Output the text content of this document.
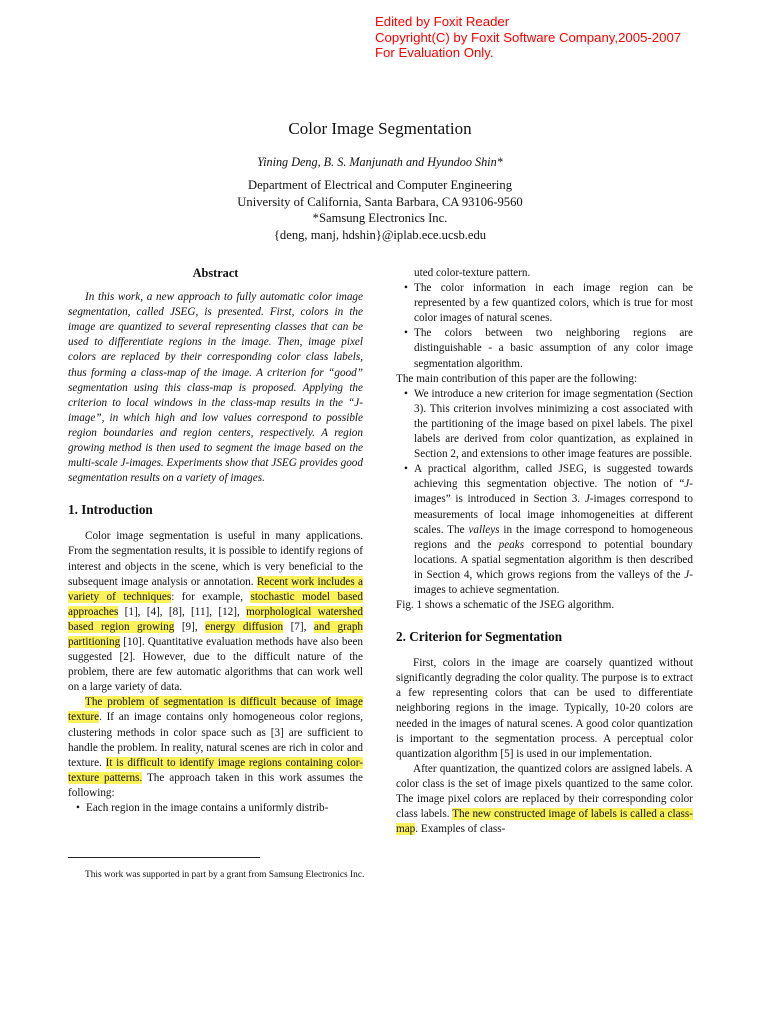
Edited by Foxit Reader
Copyright(C) by Foxit Software Company,2005-2007
For Evaluation Only.
Color Image Segmentation
Yining Deng, B. S. Manjunath and Hyundoo Shin*
Department of Electrical and Computer Engineering
University of California, Santa Barbara, CA 93106-9560
*Samsung Electronics Inc.
{deng, manj, hdshin}@iplab.ece.ucsb.edu

Abstract

In this work, a new approach to fully automatic color image segmentation, called JSEG, is presented. First, colors in the image are quantized to several representing classes that can be used to differentiate regions in the image. Then, image pixel colors are replaced by their corresponding color class labels, thus forming a class-map of the image. A criterion for “good” segmentation using this class-map is proposed. Applying the criterion to local windows in the class-map results in the “J-image”, in which high and low values correspond to possible region boundaries and region centers, respectively. A region growing method is then used to segment the image based on the multi-scale J-images. Experiments show that JSEG provides good segmentation results on a variety of images.

1. Introduction

Color image segmentation is useful in many applications. From the segmentation results, it is possible to identify regions of interest and objects in the scene, which is very beneficial to the subsequent image analysis or annotation. Recent work includes a variety of techniques: for example, stochastic model based approaches [1], [4], [8], [11], [12], morphological watershed based region growing [9], energy diffusion [7], and graph partitioning [10]. Quantitative evaluation methods have also been suggested [2]. However, due to the difficult nature of the problem, there are few automatic algorithms that can work well on a large variety of data.

The problem of segmentation is difficult because of image texture. If an image contains only homogeneous color regions, clustering methods in color space such as [3] are sufficient to handle the problem. In reality, natural scenes are rich in color and texture. It is difficult to identify image regions containing color-texture patterns. The approach taken in this work assumes the following:

• Each region in the image contains a uniformly distrib-
This work was supported in part by a grant from Samsung Electronics Inc.

uted color-texture pattern.

• The color information in each image region can be represented by a few quantized colors, which is true for most color images of natural scenes.
• The colors between two neighboring regions are distinguishable - a basic assumption of any color image segmentation algorithm.

The main contribution of this paper are the following:

• We introduce a new criterion for image segmentation (Section 3). This criterion involves minimizing a cost associated with the partitioning of the image based on pixel labels. The pixel labels are derived from color quantization, as explained in Section 2, and extensions to other image features are possible.
• A practical algorithm, called JSEG, is suggested towards achieving this segmentation objective. The notion of “J-images” is introduced in Section 3. J-images correspond to measurements of local image inhomogeneities at different scales. The valleys in the image correspond to homogeneous regions and the peaks correspond to potential boundary locations. A spatial segmentation algorithm is then described in Section 4, which grows regions from the valleys of the J-images to achieve segmentation.

Fig. 1 shows a schematic of the JSEG algorithm.

2. Criterion for Segmentation

First, colors in the image are coarsely quantized without significantly degrading the color quality. The purpose is to extract a few representing colors that can be used to differentiate neighboring regions in the image. Typically, 10-20 colors are needed in the images of natural scenes. A good color quantization is important to the segmentation process. A perceptual color quantization algorithm [5] is used in our implementation.

After quantization, the quantized colors are assigned labels. A color class is the set of image pixels quantized to the same color. The image pixel colors are replaced by their corresponding color class labels. The new constructed image of labels is called a class-map. Examples of class-
